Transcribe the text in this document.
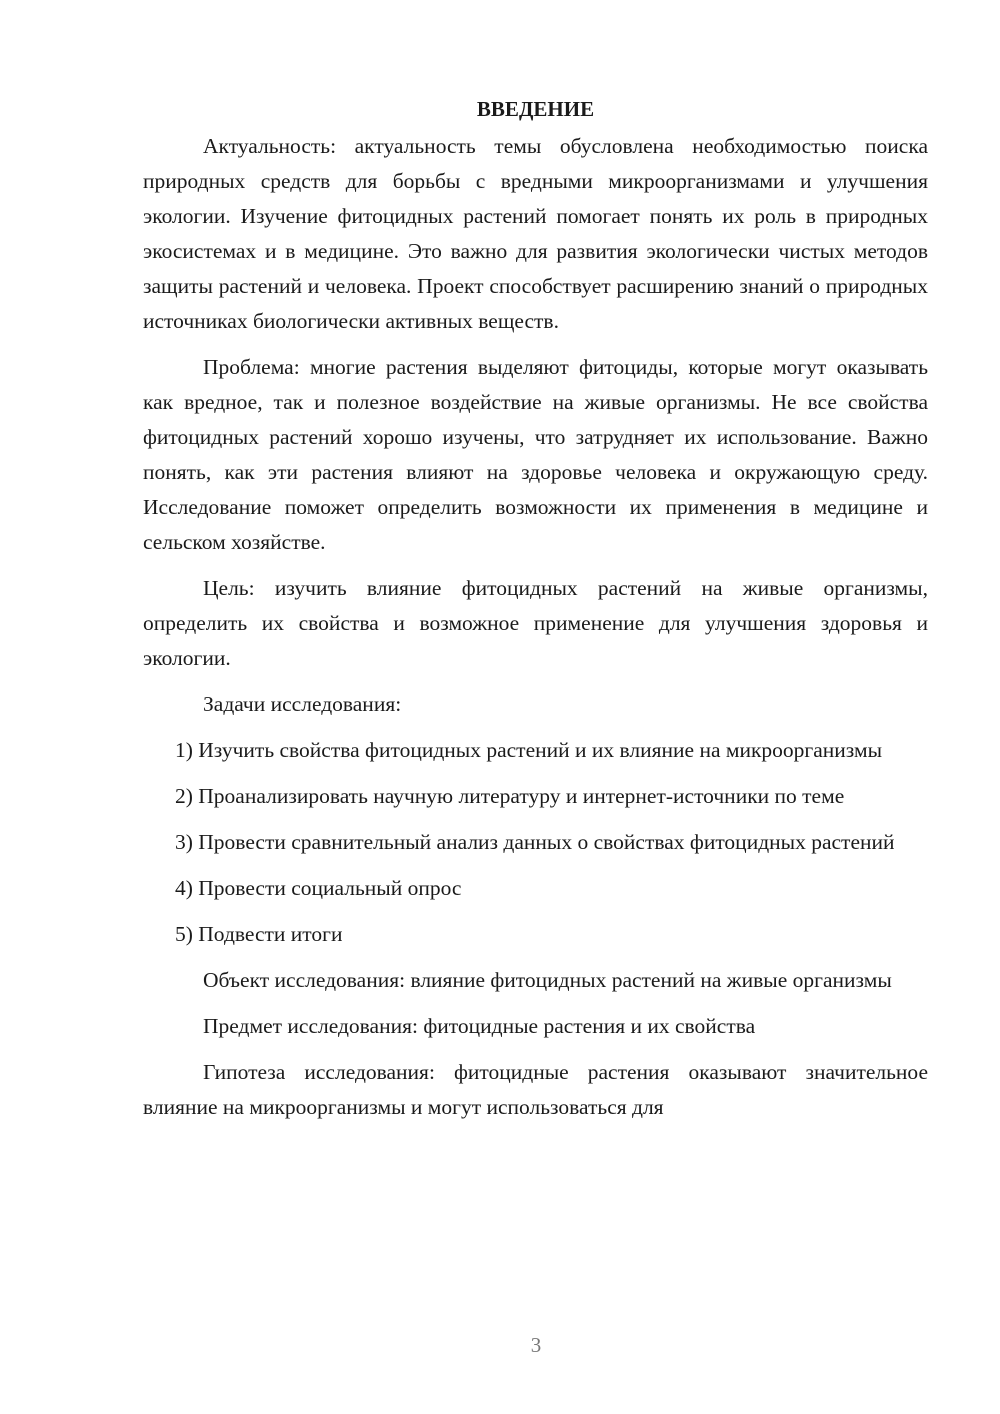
ВВЕДЕНИЕ

Актуальность: актуальность темы обусловлена необходимостью поиска природных средств для борьбы с вредными микроорганизмами и улучшения экологии. Изучение фитоцидных растений помогает понять их роль в природных экосистемах и в медицине. Это важно для развития экологически чистых методов защиты растений и человека. Проект способствует расширению знаний о природных источниках биологически активных веществ.

Проблема: многие растения выделяют фитоциды, которые могут оказывать как вредное, так и полезное воздействие на живые организмы. Не все свойства фитоцидных растений хорошо изучены, что затрудняет их использование. Важно понять, как эти растения влияют на здоровье человека и окружающую среду. Исследование поможет определить возможности их применения в медицине и сельском хозяйстве.

Цель: изучить влияние фитоцидных растений на живые организмы, определить их свойства и возможное применение для улучшения здоровья и экологии.

Задачи исследования:

1) Изучить свойства фитоцидных растений и их влияние на микроорганизмы

2) Проанализировать научную литературу и интернет-источники по теме

3) Провести сравнительный анализ данных о свойствах фитоцидных растений

4) Провести социальный опрос

5) Подвести итоги

Объект исследования: влияние фитоцидных растений на живые организмы

Предмет исследования: фитоцидные растения и их свойства

Гипотеза исследования: фитоцидные растения оказывают значительное влияние на микроорганизмы и могут использоваться для

3
